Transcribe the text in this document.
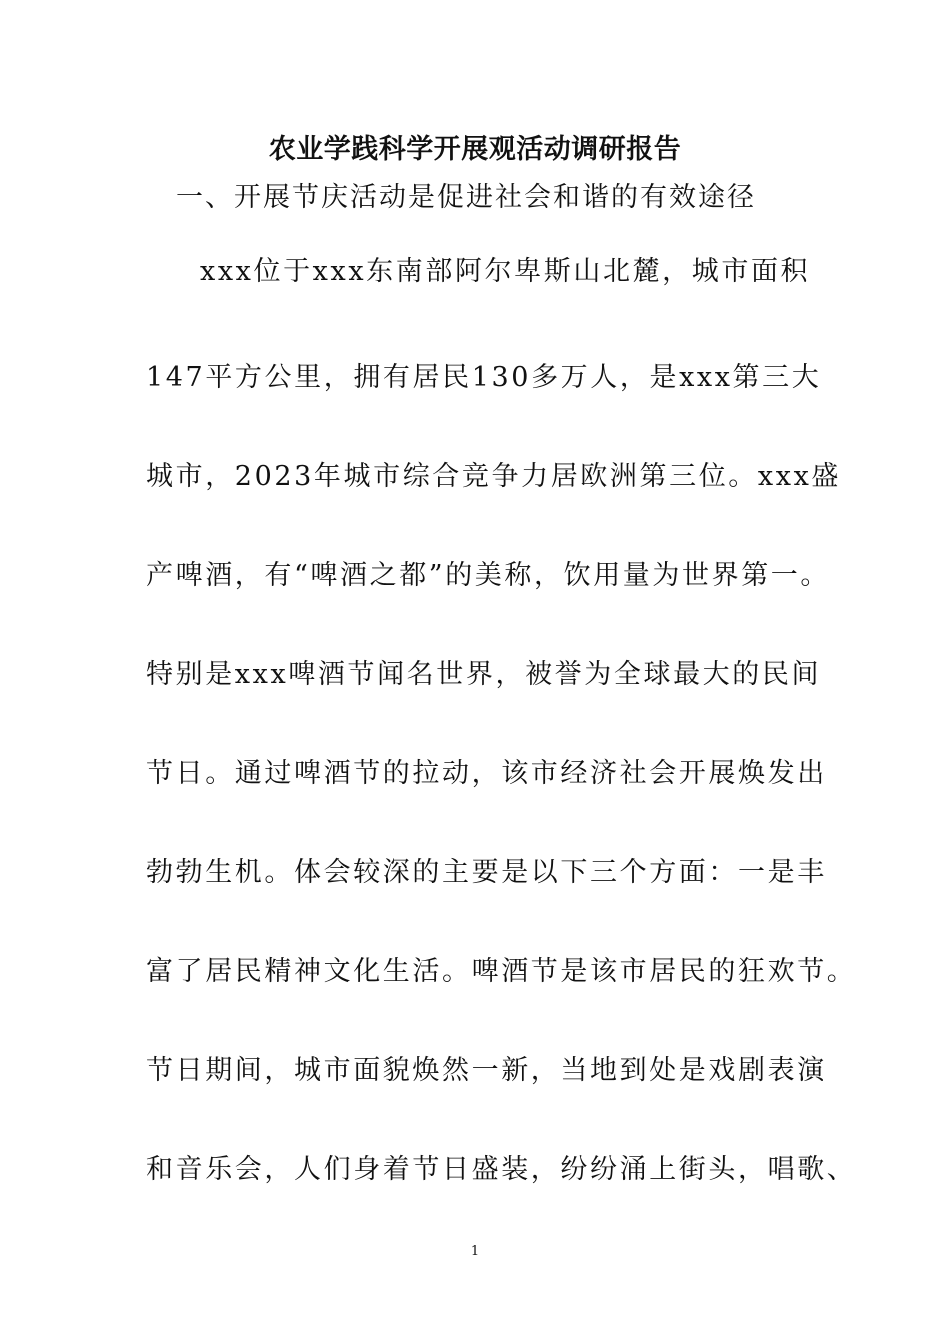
农业学践科学开展观活动调研报告
一、开展节庆活动是促进社会和谐的有效途径
xxx位于xxx东南部阿尔卑斯山北麓，城市面积
147平方公里，拥有居民130多万人，是xxx第三大
城市，2023年城市综合竞争力居欧洲第三位。xxx盛
产啤酒，有“啤酒之都”的美称，饮用量为世界第一。
特别是xxx啤酒节闻名世界，被誉为全球最大的民间
节日。通过啤酒节的拉动，该市经济社会开展焕发出
勃勃生机。体会较深的主要是以下三个方面：一是丰
富了居民精神文化生活。啤酒节是该市居民的狂欢节。
节日期间，城市面貌焕然一新，当地到处是戏剧表演
和音乐会，人们身着节日盛装，纷纷涌上街头，唱歌、
1
